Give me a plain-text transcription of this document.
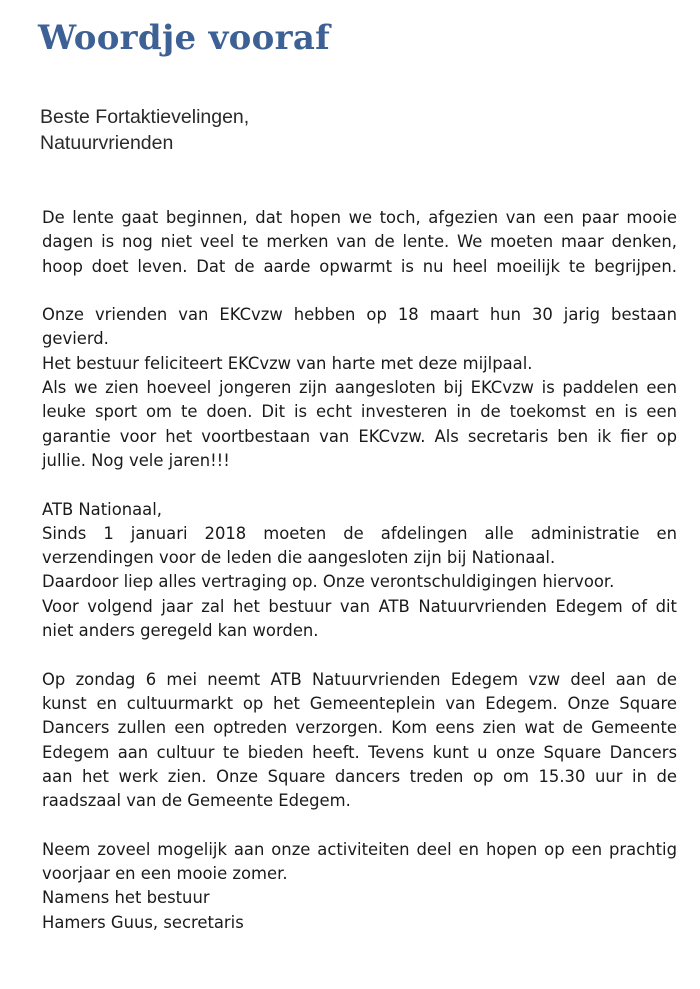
Woordje vooraf
Beste Fortaktievelingen,
Natuurvrienden
De lente gaat beginnen, dat hopen we toch, afgezien van een paar mooie
dagen is nog niet veel te merken van de lente. We moeten maar denken,
hoop doet leven. Dat de aarde opwarmt is nu heel moeilijk te begrijpen.
Onze vrienden van EKCvzw hebben op 18 maart hun 30 jarig bestaan
gevierd.
Het bestuur feliciteert EKCvzw van harte met deze mijlpaal.
Als we zien hoeveel jongeren zijn aangesloten bij EKCvzw is paddelen een
leuke sport om te doen. Dit is echt investeren in de toekomst en is een
garantie voor het voortbestaan van EKCvzw. Als secretaris ben ik fier op
jullie. Nog vele jaren!!!
ATB Nationaal,
Sinds 1 januari 2018 moeten de afdelingen alle administratie en
verzendingen voor de leden die aangesloten zijn bij Nationaal.
Daardoor liep alles vertraging op. Onze verontschuldigingen hiervoor.
Voor volgend jaar zal het bestuur van ATB Natuurvrienden Edegem of dit
niet anders geregeld kan worden.
Op zondag 6 mei neemt ATB Natuurvrienden Edegem vzw deel aan de
kunst en cultuurmarkt op het Gemeenteplein van Edegem. Onze Square
Dancers zullen een optreden verzorgen. Kom eens zien wat de Gemeente
Edegem aan cultuur te bieden heeft. Tevens kunt u onze Square Dancers
aan het werk zien. Onze Square dancers treden op om 15.30 uur in de
raadszaal van de Gemeente Edegem.
Neem zoveel mogelijk aan onze activiteiten deel en hopen op een prachtig
voorjaar en een mooie zomer.
Namens het bestuur
Hamers Guus, secretaris
